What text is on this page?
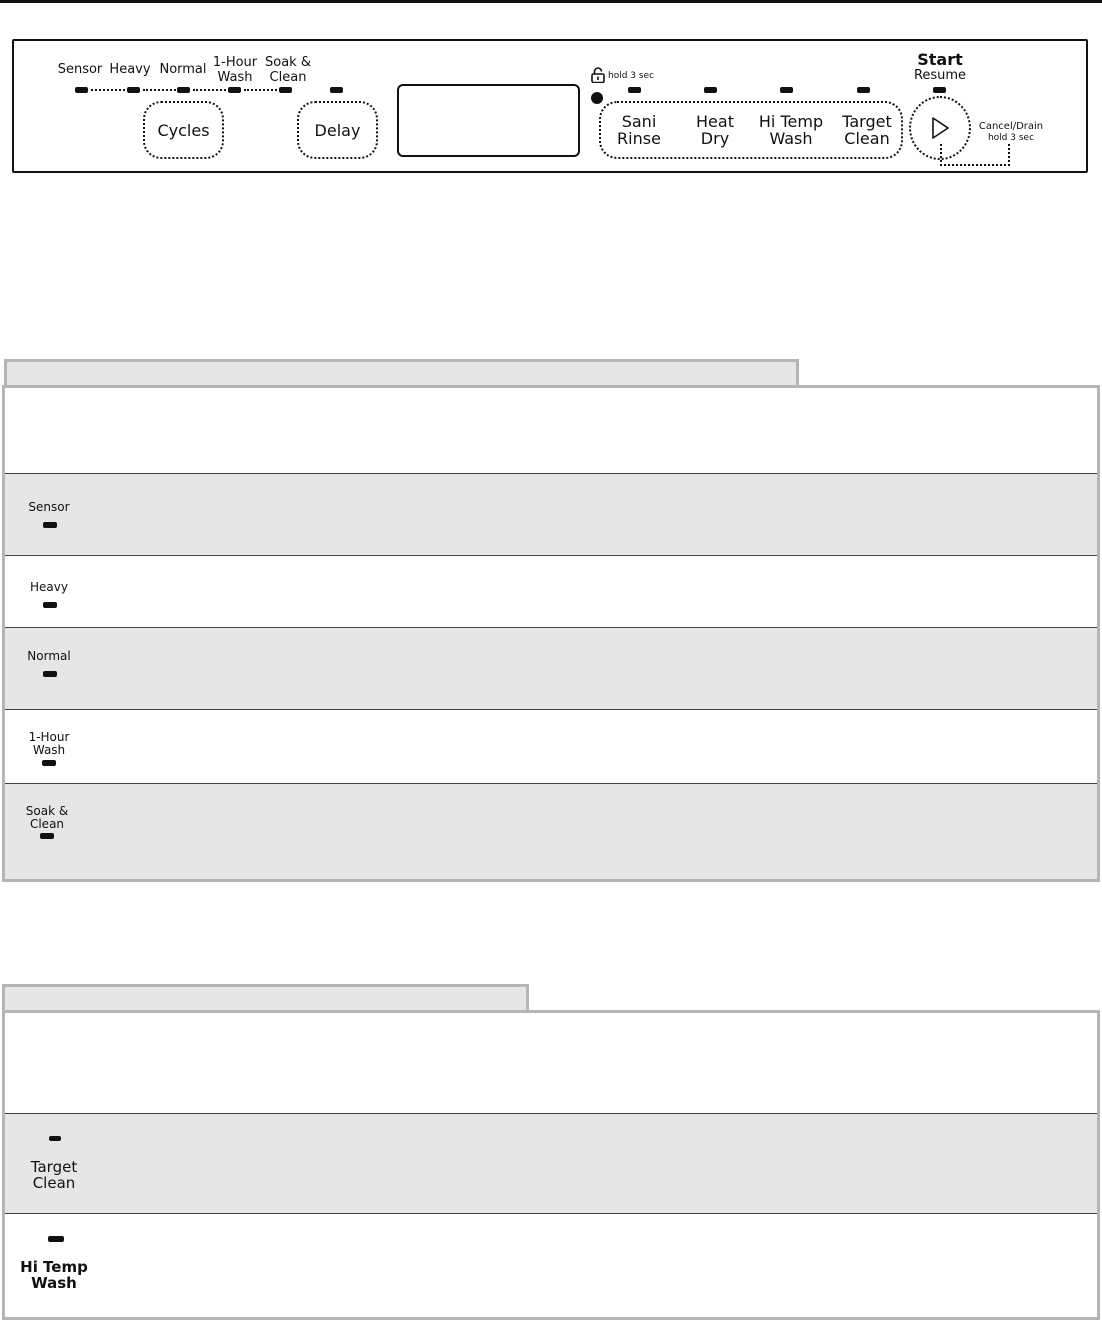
Sensor Heavy Normal 1-Hour
Wash
Soak &
Clean
Cycles	Delay
hold 3 sec
Sani
Rinse
Heat
Dry
Hi Temp
Wash
Target
Clean
Start
Resume
Cancel/Drain
hold 3 sec
Sensor
Heavy
Normal
1-Hour
Wash
Soak &
Clean
Target
Clean
Hi Temp
Wash
